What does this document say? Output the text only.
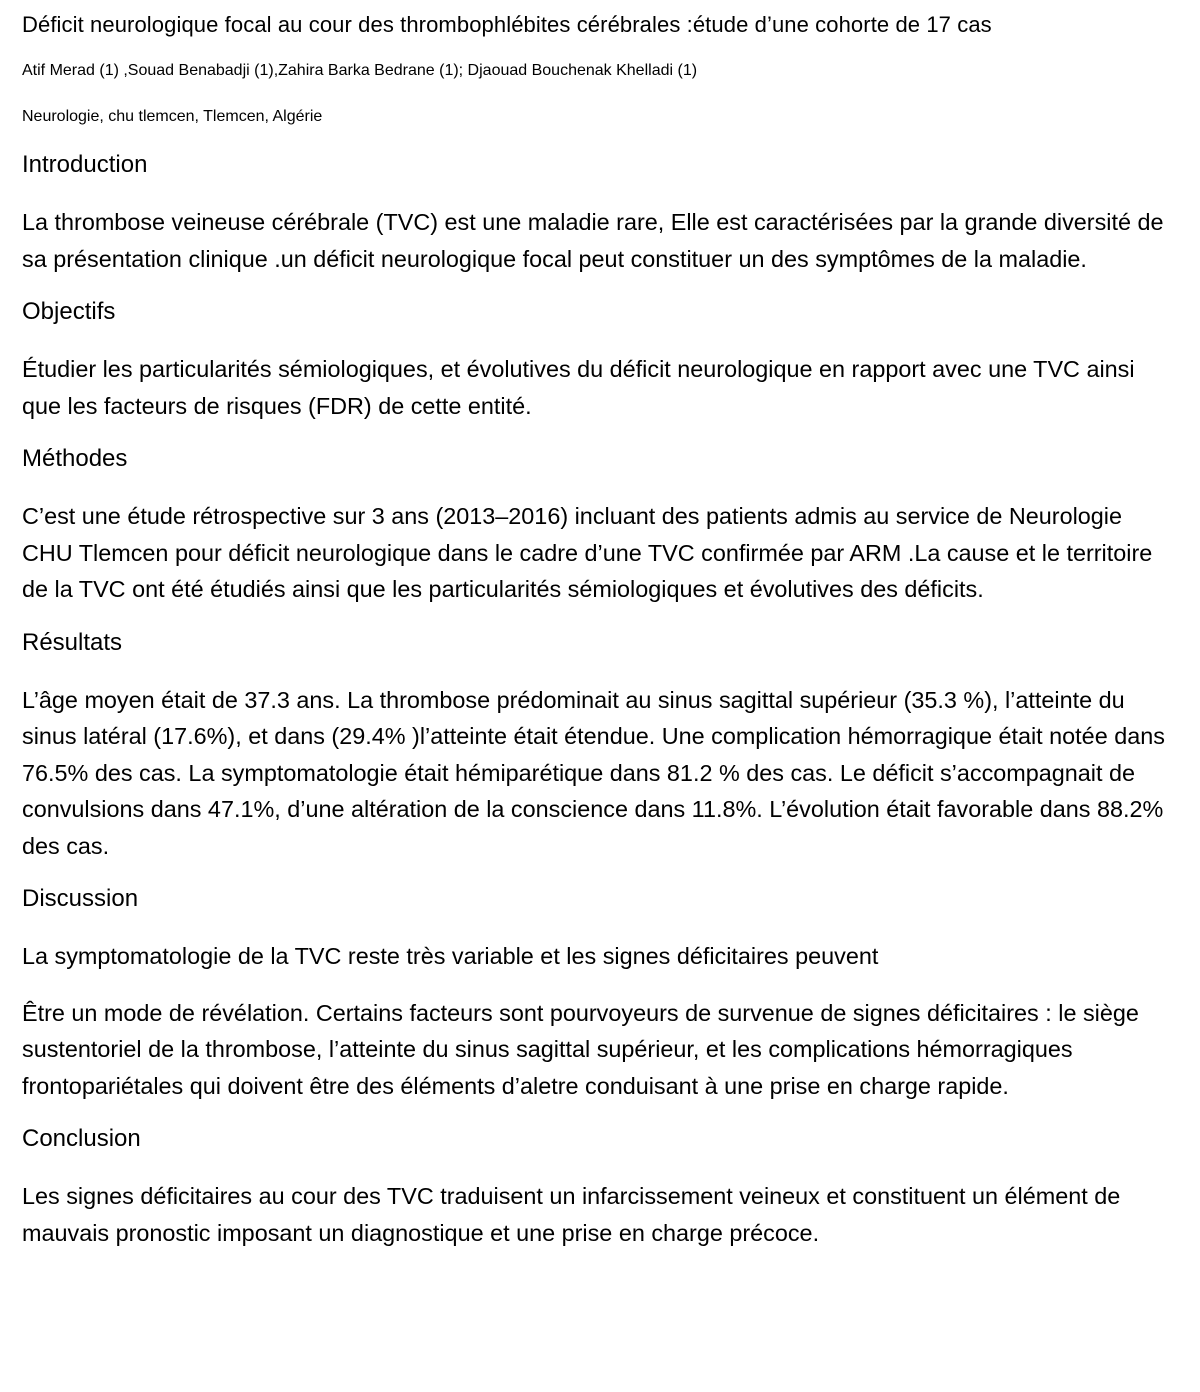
Déficit neurologique focal au cour des thrombophlébites cérébrales :étude d’une cohorte de 17 cas

Atif Merad (1) ,Souad Benabadji (1),Zahira Barka Bedrane (1); Djaouad Bouchenak Khelladi (1)

Neurologie, chu tlemcen, Tlemcen, Algérie

Introduction

La thrombose veineuse cérébrale (TVC) est une maladie rare, Elle est caractérisées par la grande diversité de sa présentation clinique .un déficit neurologique focal peut constituer un des symptômes de la maladie.

Objectifs

Étudier les particularités sémiologiques, et évolutives du déficit neurologique en rapport avec une TVC ainsi que les facteurs de risques (FDR) de cette entité.

Méthodes

C’est une étude rétrospective sur 3 ans (2013–2016) incluant des patients admis au service de Neurologie CHU Tlemcen pour déficit neurologique dans le cadre d’une TVC confirmée par ARM .La cause et le territoire de la TVC ont été étudiés ainsi que les particularités sémiologiques et évolutives des déficits.

Résultats

L’âge moyen était de 37.3 ans. La thrombose prédominait au sinus sagittal supérieur (35.3 %), l’atteinte du sinus latéral (17.6%), et dans (29.4% )l’atteinte était étendue. Une complication hémorragique était notée dans 76.5% des cas. La symptomatologie était hémiparétique dans 81.2 % des cas. Le déficit s’accompagnait de convulsions dans 47.1%, d’une altération de la conscience dans 11.8%. L’évolution était favorable dans 88.2% des cas.

Discussion

La symptomatologie de la TVC reste très variable et les signes déficitaires peuvent

Être un mode de révélation. Certains facteurs sont pourvoyeurs de survenue de signes déficitaires : le siège sustentoriel de la thrombose, l’atteinte du sinus sagittal supérieur, et les complications hémorragiques frontopariétales qui doivent être des éléments d’aletre conduisant à une prise en charge rapide.

Conclusion

Les signes déficitaires au cour des TVC traduisent un infarcissement veineux et constituent un élément de mauvais pronostic imposant un diagnostique et une prise en charge précoce.
